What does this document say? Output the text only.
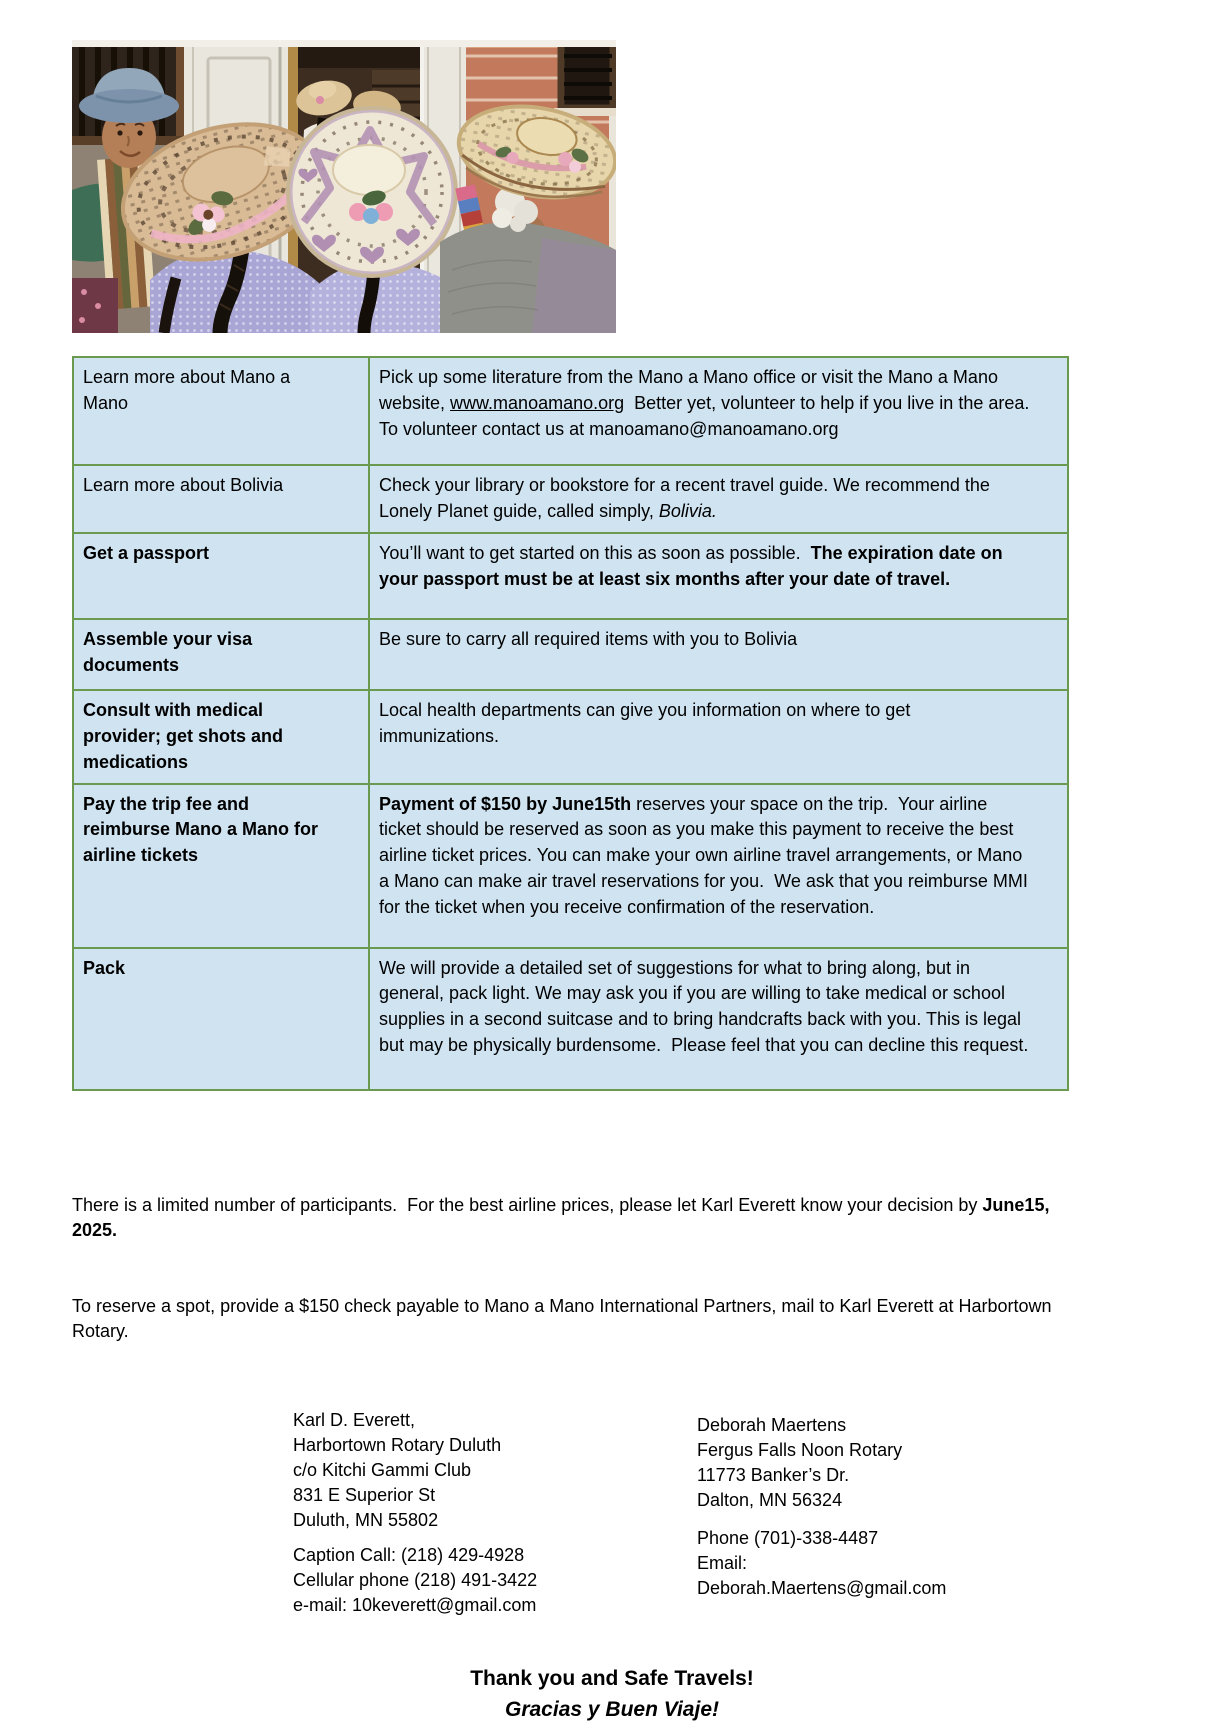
Learn more about Mano a Mano	Pick up some literature from the Mano a Mano office or visit the Mano a Mano website, www.manoamano.org  Better yet, volunteer to help if you live in the area. To volunteer contact us at manoamano@manoamano.org
Learn more about Bolivia	Check your library or bookstore for a recent travel guide. We recommend the Lonely Planet guide, called simply, Bolivia.
Get a passport	You’ll want to get started on this as soon as possible.  The expiration date on your passport must be at least six months after your date of travel.
Assemble your visa documents	Be sure to carry all required items with you to Bolivia
Consult with medical provider; get shots and medications	Local health departments can give you information on where to get immunizations.
Pay the trip fee and reimburse Mano a Mano for airline tickets	Payment of $150 by June15th reserves your space on the trip.  Your airline ticket should be reserved as soon as you make this payment to receive the best airline ticket prices. You can make your own airline travel arrangements, or Mano a Mano can make air travel reservations for you.  We ask that you reimburse MMI for the ticket when you receive confirmation of the reservation.
Pack	We will provide a detailed set of suggestions for what to bring along, but in general, pack light. We may ask you if you are willing to take medical or school supplies in a second suitcase and to bring handcrafts back with you. This is legal but may be physically burdensome.  Please feel that you can decline this request.

There is a limited number of participants.  For the best airline prices, please let Karl Everett know your decision by June15, 2025.

To reserve a spot, provide a $150 check payable to Mano a Mano International Partners, mail to Karl Everett at Harbortown Rotary.

Karl D. Everett,
Harbortown Rotary Duluth
c/o Kitchi Gammi Club
831 E Superior St
Duluth, MN 55802
Caption Call: (218) 429-4928
Cellular phone (218) 491-3422
e-mail: 10keverett@gmail.com
Deborah Maertens
Fergus Falls Noon Rotary
11773 Banker’s Dr.
Dalton, MN 56324
Phone (701)-338-4487
Email:
Deborah.Maertens@gmail.com
Thank you and Safe Travels!
Gracias y Buen Viaje!
